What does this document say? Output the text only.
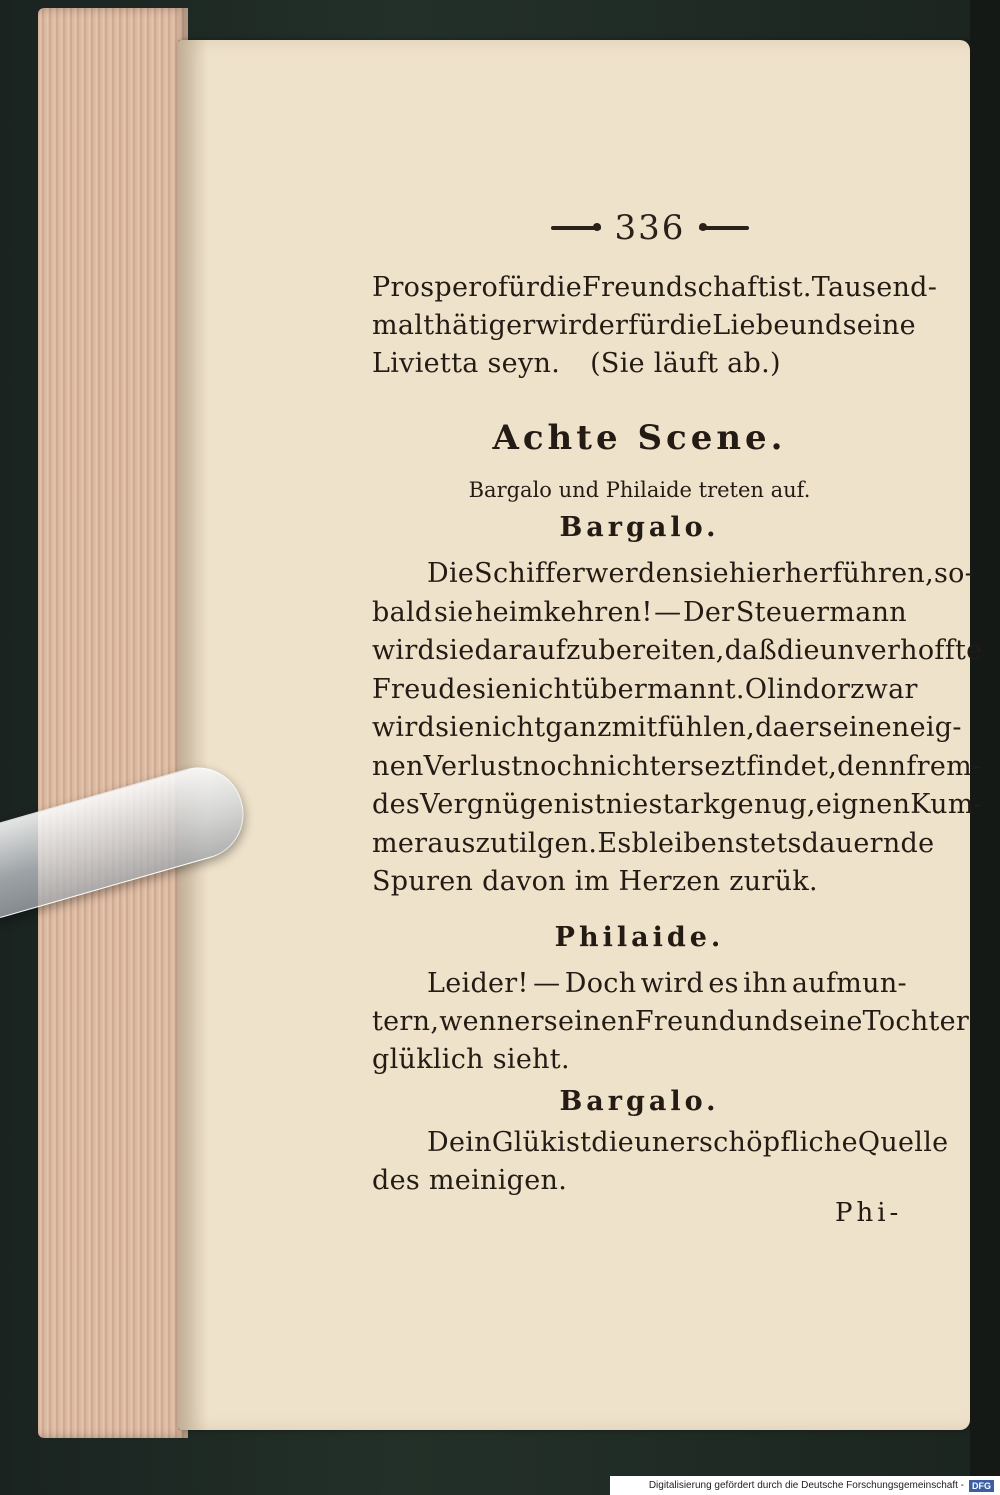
336
Prospero für die Freundschaft ist. Tausend-
mal thätiger wird er für die Liebe und seine
Livietta seyn. (Sie läuft ab.)
Achte Scene.
Bargalo und Philaide treten auf.
Bargalo.
Die Schiffer werden sie hierher führen, so-
bald sie heimkehren! — Der Steuermann
wird sie darauf zubereiten, daß die unverhoffte
Freude sie nicht übermannt. Olindor zwar
wird sie nicht ganz mitfühlen, da er seinen eig-
nen Verlust noch nicht ersezt findet, denn frem-
des Vergnügen ist nie stark genug, eignen Kum-
mer auszutilgen. Es bleiben stetsdauernde
Spuren davon im Herzen zurük.
Philaide.
Leider! — Doch wird es ihn aufmun-
tern, wenn er seinen Freund und seine Tochter
glüklich sieht.
Bargalo.
Dein Glük ist die unerschöpfliche Quelle
des meinigen.
Phi-
Digitalisierung gefördert durch die Deutsche Forschungsgemeinschaft - DFG
